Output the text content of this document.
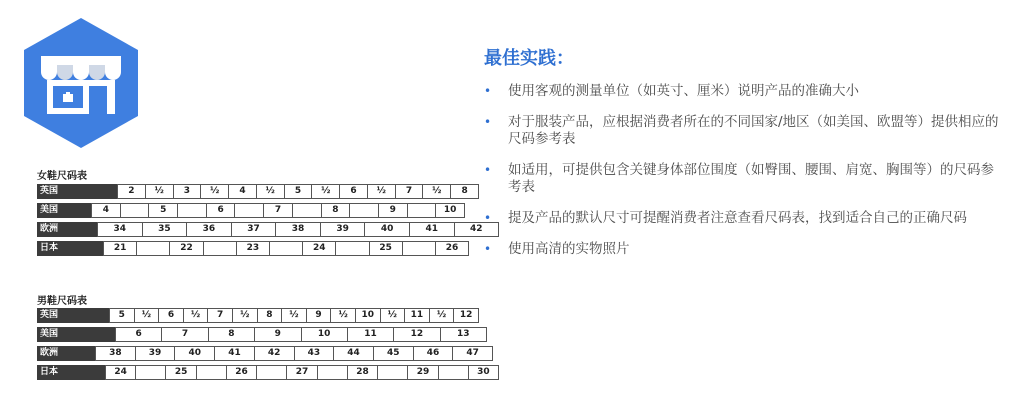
女鞋尺码表
英国	2	½	3	½	4	½	5	½	6	½	7	½	8
美国	4	5	6	7	8	9	10
欧洲	34	35	36	37	38	39	40	41	42
日本	21	22	23	24	25	26
男鞋尺码表
英国	5	½	6	½	7	½	8	½	9	½	10	½	11	½	12
美国	6	7	8	9	10	11	12	13
欧洲	38	39	40	41	42	43	44	45	46	47
日本	24	25	26	27	28	29	30
最佳实践：
• 使用客观的测量单位（如英寸、厘米）说明产品的准确大小
• 对于服装产品，应根据消费者所在的不同国家/地区（如美国、欧盟等）提供相应的尺码参考表
• 如适用，可提供包含关键身体部位围度（如臀围、腰围、肩宽、胸围等）的尺码参考表
• 提及产品的默认尺寸可提醒消费者注意查看尺码表，找到适合自己的正确尺码
• 使用高清的实物照片
